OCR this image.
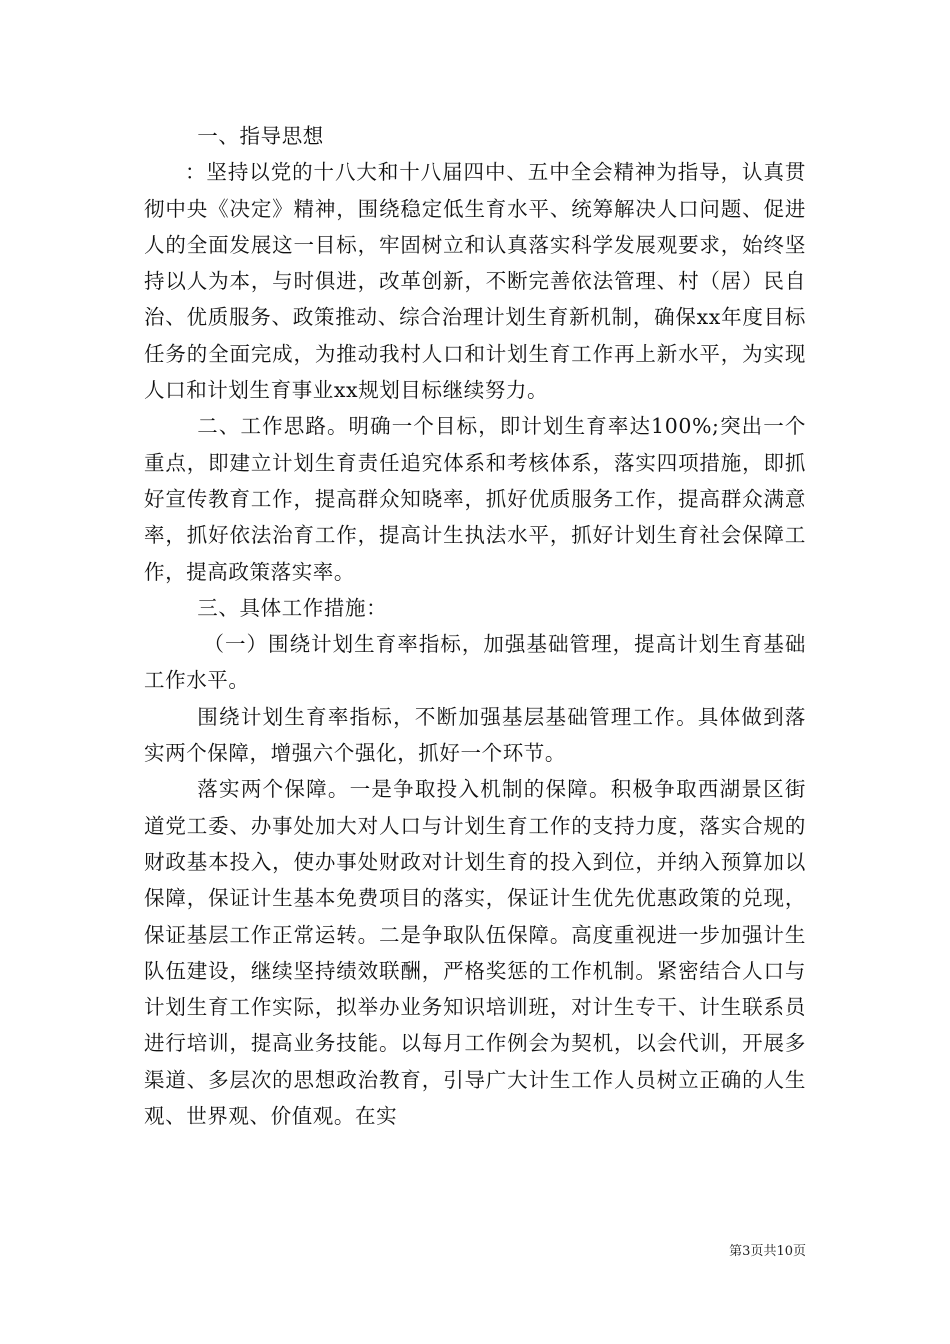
一、指导思想

：坚持以党的十八大和十八届四中、五中全会精神为指导，认真贯彻中央《决定》精神，围绕稳定低生育水平、统筹解决人口问题、促进人的全面发展这一目标，牢固树立和认真落实科学发展观要求，始终坚持以人为本，与时俱进，改革创新，不断完善依法管理、村（居）民自治、优质服务、政策推动、综合治理计划生育新机制，确保xx年度目标任务的全面完成，为推动我村人口和计划生育工作再上新水平，为实现人口和计划生育事业xx规划目标继续努力。

二、工作思路。明确一个目标，即计划生育率达100%;突出一个重点，即建立计划生育责任追究体系和考核体系，落实四项措施，即抓好宣传教育工作，提高群众知晓率，抓好优质服务工作，提高群众满意率，抓好依法治育工作，提高计生执法水平，抓好计划生育社会保障工作，提高政策落实率。

三、具体工作措施：

（一）围绕计划生育率指标，加强基础管理，提高计划生育基础工作水平。

围绕计划生育率指标，不断加强基层基础管理工作。具体做到落实两个保障，增强六个强化，抓好一个环节。

落实两个保障。一是争取投入机制的保障。积极争取西湖景区街道党工委、办事处加大对人口与计划生育工作的支持力度，落实合规的财政基本投入，使办事处财政对计划生育的投入到位，并纳入预算加以保障，保证计生基本免费项目的落实，保证计生优先优惠政策的兑现，保证基层工作正常运转。二是争取队伍保障。高度重视进一步加强计生队伍建设，继续坚持绩效联酬，严格奖惩的工作机制。紧密结合人口与计划生育工作实际，拟举办业务知识培训班，对计生专干、计生联系员进行培训，提高业务技能。以每月工作例会为契机，以会代训，开展多渠道、多层次的思想政治教育，引导广大计生工作人员树立正确的人生观、世界观、价值观。在实

第3页共10页
